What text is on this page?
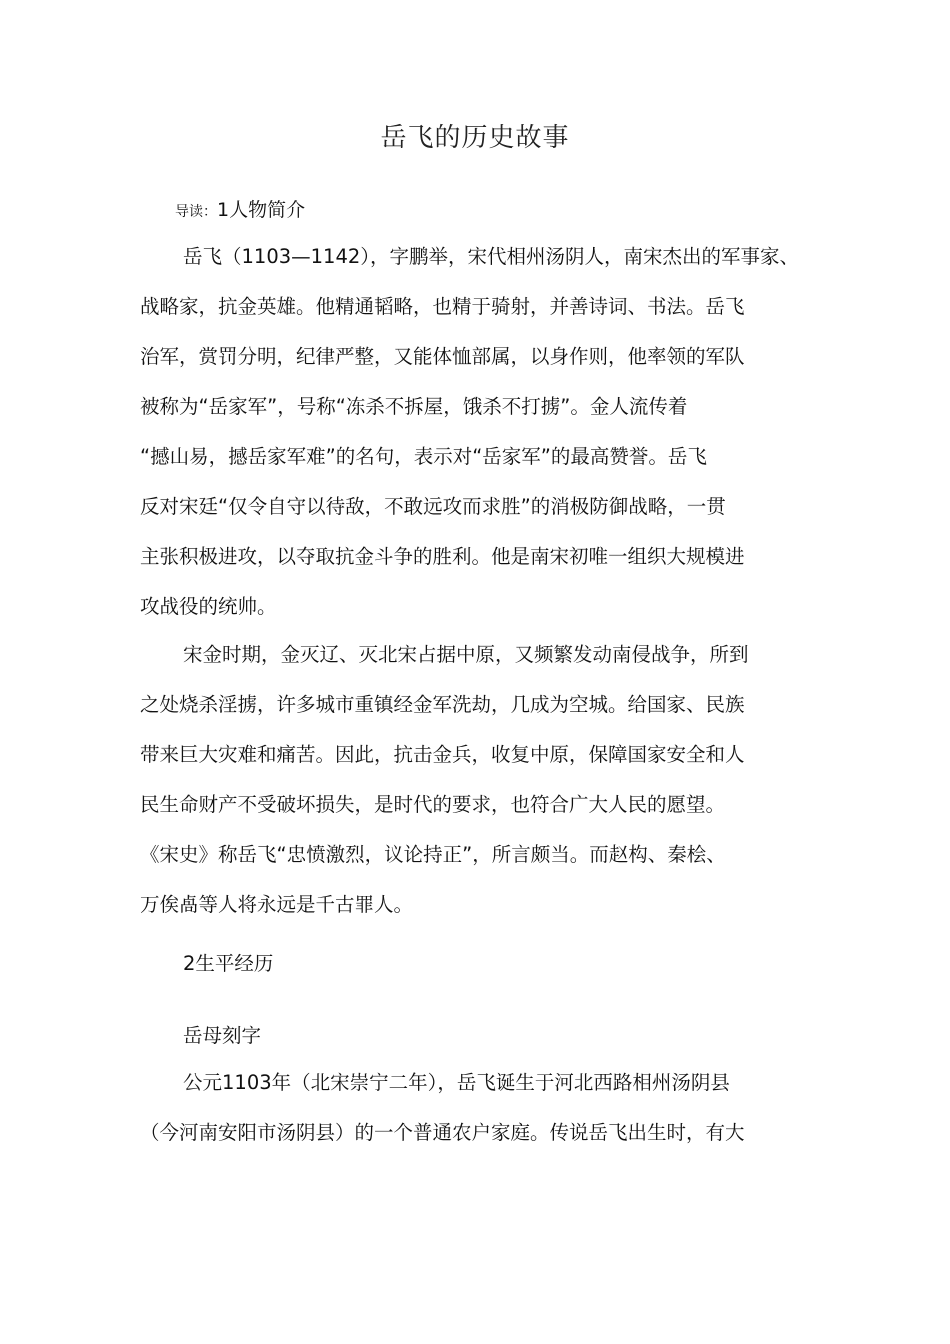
岳飞的历史故事
导读：1人物简介
岳飞（1103—1142），字鹏举，宋代相州汤阴人，南宋杰出的军事家、
战略家，抗金英雄。他精通韬略，也精于骑射，并善诗词、书法。岳飞
治军，赏罚分明，纪律严整，又能体恤部属，以身作则，他率领的军队
被称为“岳家军”，号称“冻杀不拆屋，饿杀不打掳”。金人流传着
“撼山易，撼岳家军难”的名句，表示对“岳家军”的最高赞誉。岳飞
反对宋廷“仅令自守以待敌，不敢远攻而求胜”的消极防御战略，一贯
主张积极进攻，以夺取抗金斗争的胜利。他是南宋初唯一组织大规模进
攻战役的统帅。
宋金时期，金灭辽、灭北宋占据中原，又频繁发动南侵战争，所到
之处烧杀淫掳，许多城市重镇经金军洗劫，几成为空城。给国家、民族
带来巨大灾难和痛苦。因此，抗击金兵，收复中原，保障国家安全和人
民生命财产不受破坏损失，是时代的要求，也符合广大人民的愿望。
《宋史》称岳飞“忠愤激烈，议论持正”，所言颇当。而赵构、秦桧、
万俟卨等人将永远是千古罪人。
2生平经历
岳母刻字
公元1103年（北宋崇宁二年），岳飞诞生于河北西路相州汤阴县
（今河南安阳市汤阴县）的一个普通农户家庭。传说岳飞出生时，有大
